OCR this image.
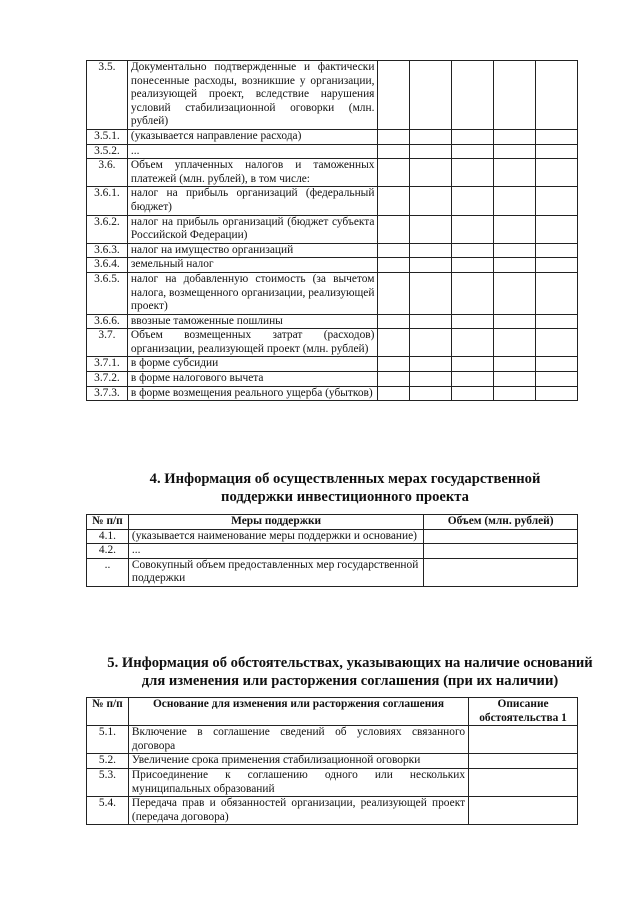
3.5.	Документально подтвержденные и фактически понесенные расходы, возникшие у организации, реализующей проект, вследствие нарушения условий стабилизационной оговорки (млн. рублей)					
3.5.1.	(указывается направление расхода)					
3.5.2.	...					
3.6.	Объем уплаченных налогов и таможенных платежей (млн. рублей), в том числе:					
3.6.1.	налог на прибыль организаций (федеральный бюджет)					
3.6.2.	налог на прибыль организаций (бюджет субъекта Российской Федерации)					
3.6.3.	налог на имущество организаций					
3.6.4.	земельный налог					
3.6.5.	налог на добавленную стоимость (за вычетом налога, возмещенного организации, реализующей проект)					
3.6.6.	ввозные таможенные пошлины					
3.7.	Объем возмещенных затрат (расходов) организации, реализующей проект (млн. рублей)					
3.7.1.	в форме субсидии					
3.7.2.	в форме налогового вычета					
3.7.3.	в форме возмещения реального ущерба (убытков)					
4. Информация об осуществленных мерах государственной
поддержки инвестиционного проекта
№ п/п	Меры поддержки	Объем (млн. рублей)
4.1.	(указывается наименование меры поддержки и основание)	
4.2.	...	
..	Совокупный объем предоставленных мер государственной поддержки	
5. Информация об обстоятельствах, указывающих на наличие оснований
для изменения или расторжения соглашения (при их наличии)
№ п/п	Основание для изменения или расторжения соглашения	Описание обстоятельства 1
5.1.	Включение в соглашение сведений об условиях связанного договора	
5.2.	Увеличение срока применения стабилизационной оговорки	
5.3.	Присоединение к соглашению одного или нескольких муниципальных образований	
5.4.	Передача прав и обязанностей организации, реализующей проект (передача договора)	
